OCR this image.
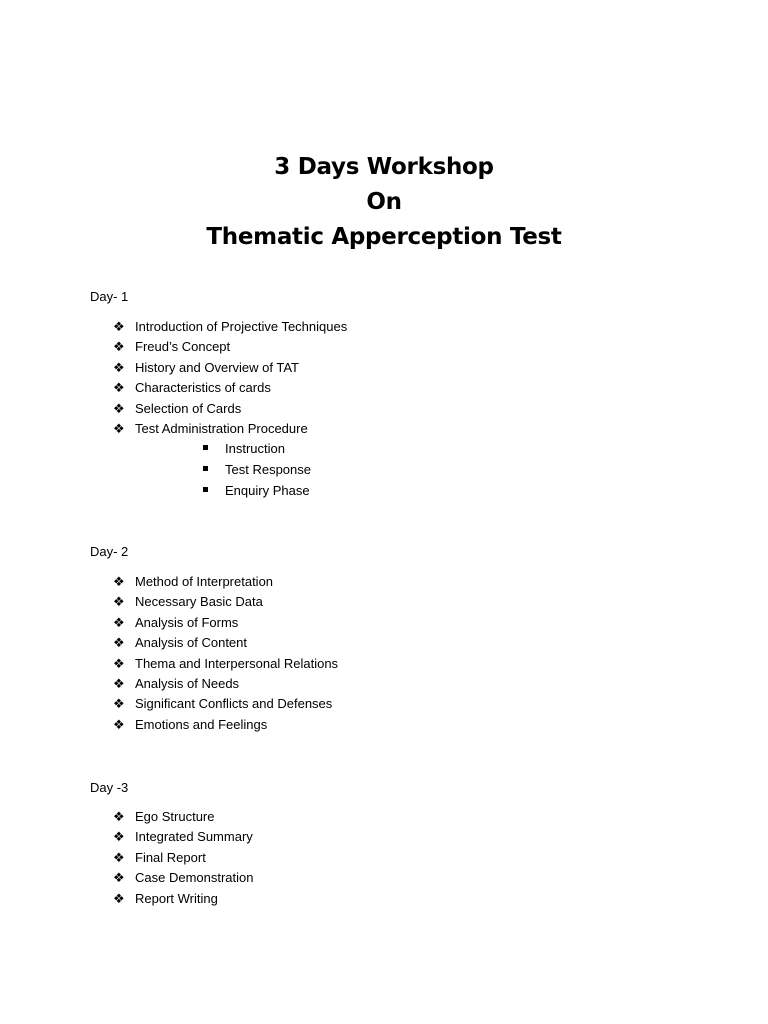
3 Days Workshop
On
Thematic Apperception Test
Day- 1
❖ Introduction of Projective Techniques
❖ Freud’s Concept
❖ History and Overview of TAT
❖ Characteristics of cards
❖ Selection of Cards
❖ Test Administration Procedure
Instruction
Test Response
Enquiry Phase
Day- 2
❖ Method of Interpretation
❖ Necessary Basic Data
❖ Analysis of Forms
❖ Analysis of Content
❖ Thema and Interpersonal Relations
❖ Analysis of Needs
❖ Significant Conflicts and Defenses
❖ Emotions and Feelings
Day -3
❖ Ego Structure
❖ Integrated Summary
❖ Final Report
❖ Case Demonstration
❖ Report Writing
